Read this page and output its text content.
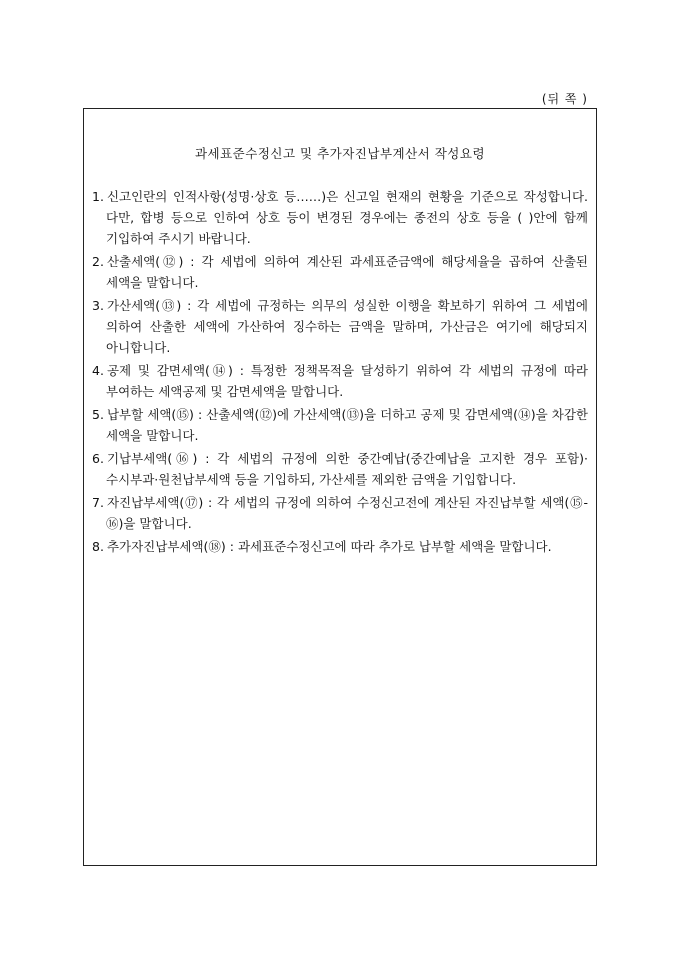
(뒤 쪽 )
과세표준수정신고 및 추가자진납부계산서 작성요령
1. 신고인란의 인적사항(성명·상호 등……)은 신고일 현재의 현황을 기준으로 작성합니다. 다만, 합병 등으로 인하여 상호 등이 변경된 경우에는 종전의 상호 등을 ( )안에 함께 기입하여 주시기 바랍니다.
2. 산출세액(⑫) : 각 세법에 의하여 계산된 과세표준금액에 해당세율을 곱하여 산출된 세액을 말합니다.
3. 가산세액(⑬) : 각 세법에 규정하는 의무의 성실한 이행을 확보하기 위하여 그 세법에 의하여 산출한 세액에 가산하여 징수하는 금액을 말하며, 가산금은 여기에 해당되지 아니합니다.
4. 공제 및 감면세액(⑭) : 특정한 정책목적을 달성하기 위하여 각 세법의 규정에 따라 부여하는 세액공제 및 감면세액을 말합니다.
5. 납부할 세액(⑮) : 산출세액(⑫)에 가산세액(⑬)을 더하고 공제 및 감면세액(⑭)을 차감한 세액을 말합니다.
6. 기납부세액(⑯) : 각 세법의 규정에 의한 중간예납(중간예납을 고지한 경우 포함)·수시부과·원천납부세액 등을 기입하되, 가산세를 제외한 금액을 기입합니다.
7. 자진납부세액(⑰) : 각 세법의 규정에 의하여 수정신고전에 계산된 자진납부할 세액(⑮-⑯)을 말합니다.
8. 추가자진납부세액(⑱) : 과세표준수정신고에 따라 추가로 납부할 세액을 말합니다.
